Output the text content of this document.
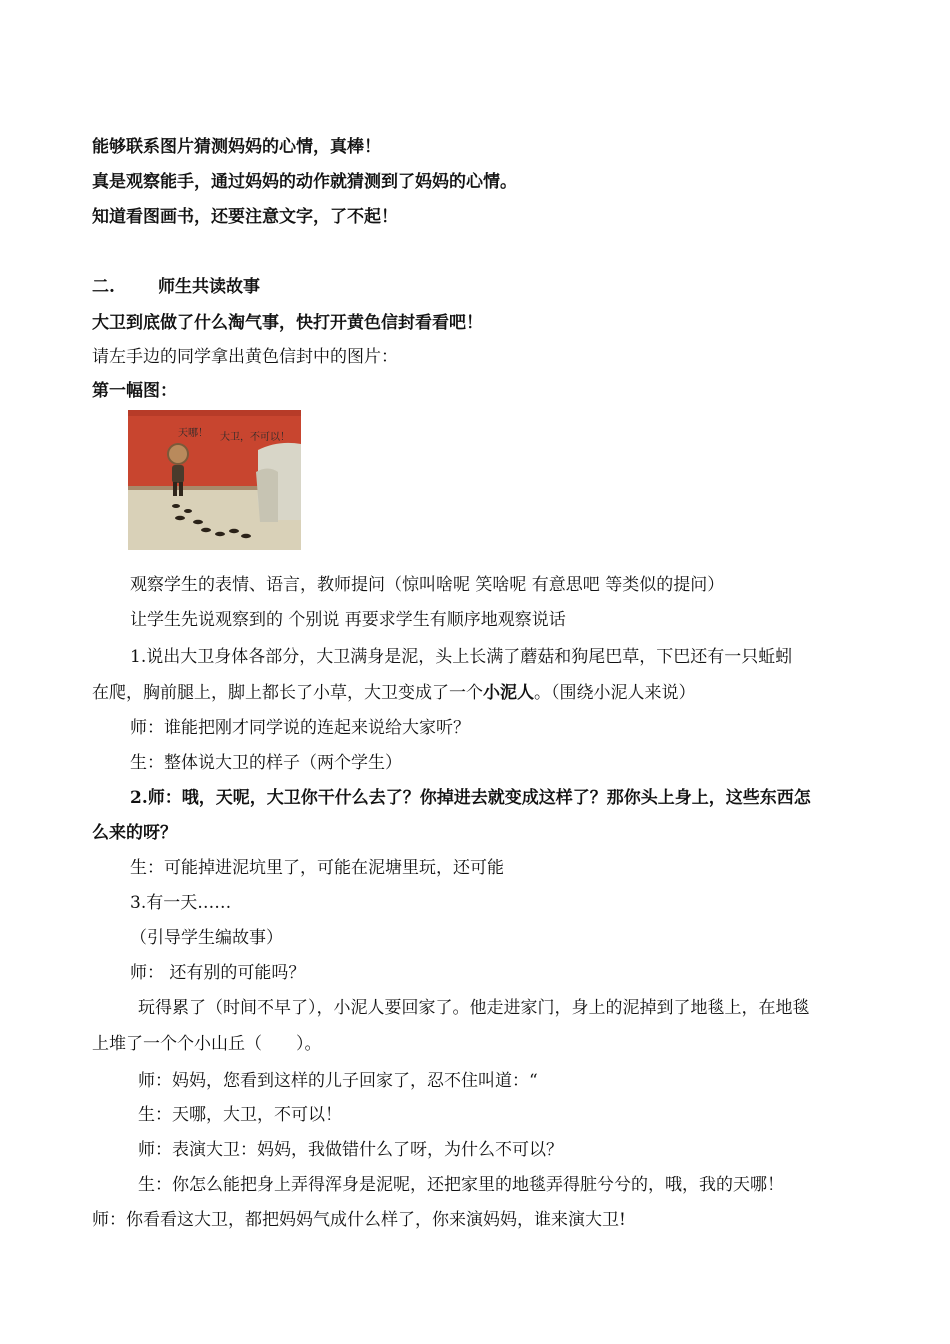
能够联系图片猜测妈妈的心情，真棒！
真是观察能手，通过妈妈的动作就猜测到了妈妈的心情。
知道看图画书，还要注意文字，了不起！
二.	师生共读故事
大卫到底做了什么淘气事，快打开黄色信封看看吧！
请左手边的同学拿出黄色信封中的图片：
第一幅图：
天哪！ 大卫，不可以！
观察学生的表情、语言，教师提问（惊叫啥呢 笑啥呢 有意思吧 等类似的提问）
让学生先说观察到的 个别说 再要求学生有顺序地观察说话
1.说出大卫身体各部分，大卫满身是泥，头上长满了蘑菇和狗尾巴草，下巴还有一只蚯蚓
在爬，胸前腿上，脚上都长了小草，大卫变成了一个小泥人。（围绕小泥人来说）
师：谁能把刚才同学说的连起来说给大家听？
生：整体说大卫的样子（两个学生）
2.师：哦，天呢，大卫你干什么去了？你掉进去就变成这样了？那你头上身上，这些东西怎
么来的呀？
生：可能掉进泥坑里了，可能在泥塘里玩，还可能
3.有一天……
（引导学生编故事）
师： 还有别的可能吗？
玩得累了（时间不早了），小泥人要回家了。他走进家门，身上的泥掉到了地毯上，在地毯
上堆了一个个小山丘（　　）。
师：妈妈，您看到这样的儿子回家了，忍不住叫道：“
生：天哪，大卫，不可以！
师：表演大卫：妈妈，我做错什么了呀，为什么不可以？
生：你怎么能把身上弄得浑身是泥呢，还把家里的地毯弄得脏兮兮的，哦，我的天哪！
师：你看看这大卫，都把妈妈气成什么样了，你来演妈妈，谁来演大卫!
